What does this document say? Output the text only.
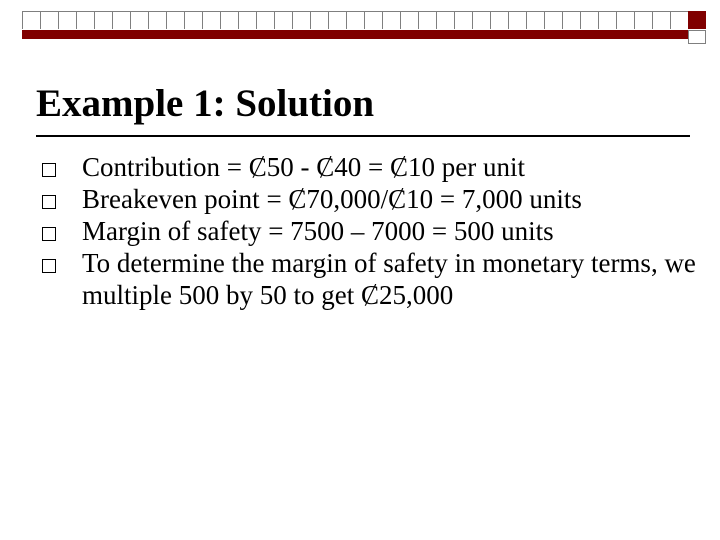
Example 1: Solution
Contribution = Ȼ50 - Ȼ40 = Ȼ10 per unit
Breakeven point = Ȼ70,000/Ȼ10 = 7,000 units
Margin of safety = 7500 – 7000 = 500 units
To determine the margin of safety in monetary terms, we multiple 500 by 50 to get Ȼ25,000
